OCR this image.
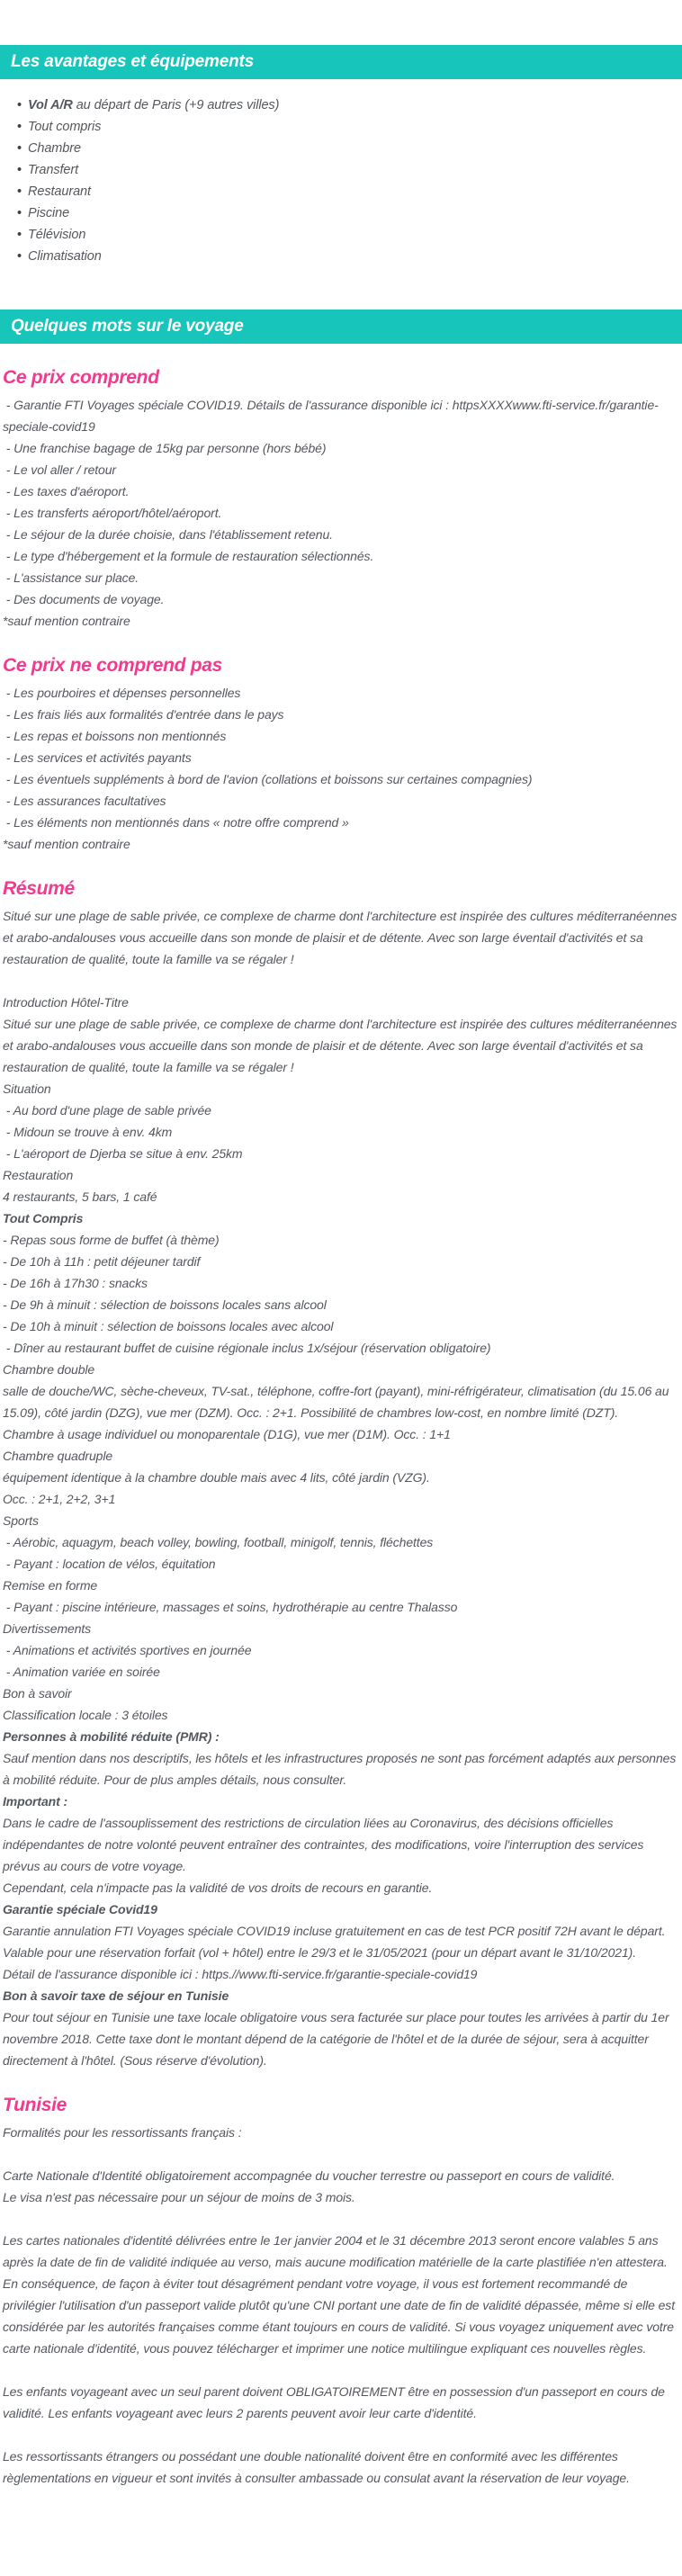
Les avantages et équipements
• Vol A/R au départ de Paris (+9 autres villes)
• Tout compris
• Chambre
• Transfert
• Restaurant
• Piscine
• Télévision
• Climatisation
Quelques mots sur le voyage
Ce prix comprend

- Garantie FTI Voyages spéciale COVID19. Détails de l'assurance disponible ici : httpsXXXXwww.fti-service.fr/garantie-speciale-covid19

- Une franchise bagage de 15kg par personne (hors bébé)

- Le vol aller / retour

- Les taxes d'aéroport.

- Les transferts aéroport/hôtel/aéroport.

- Le séjour de la durée choisie, dans l'établissement retenu.

- Le type d'hébergement et la formule de restauration sélectionnés.

- L'assistance sur place.

- Des documents de voyage.

*sauf mention contraire

Ce prix ne comprend pas

- Les pourboires et dépenses personnelles

- Les frais liés aux formalités d'entrée dans le pays

- Les repas et boissons non mentionnés

- Les services et activités payants

- Les éventuels suppléments à bord de l'avion (collations et boissons sur certaines compagnies)

- Les assurances facultatives

- Les éléments non mentionnés dans « notre offre comprend »

*sauf mention contraire

Résumé

Situé sur une plage de sable privée, ce complexe de charme dont l'architecture est inspirée des cultures méditerranéennes et arabo-andalouses vous accueille dans son monde de plaisir et de détente. Avec son large éventail d'activités et sa restauration de qualité, toute la famille va se régaler !

Introduction Hôtel-Titre

Situé sur une plage de sable privée, ce complexe de charme dont l'architecture est inspirée des cultures méditerranéennes et arabo-andalouses vous accueille dans son monde de plaisir et de détente. Avec son large éventail d'activités et sa restauration de qualité, toute la famille va se régaler !

Situation

- Au bord d'une plage de sable privée

- Midoun se trouve à env. 4km

- L'aéroport de Djerba se situe à env. 25km

Restauration

4 restaurants, 5 bars, 1 café

Tout Compris

- Repas sous forme de buffet (à thème)

- De 10h à 11h : petit déjeuner tardif

- De 16h à 17h30 : snacks

- De 9h à minuit : sélection de boissons locales sans alcool

- De 10h à minuit : sélection de boissons locales avec alcool

- Dîner au restaurant buffet de cuisine régionale inclus 1x/séjour (réservation obligatoire)

Chambre double

salle de douche/WC, sèche-cheveux, TV-sat., téléphone, coffre-fort (payant), mini-réfrigérateur, climatisation (du 15.06 au 15.09), côté jardin (DZG), vue mer (DZM). Occ. : 2+1. Possibilité de chambres low-cost, en nombre limité (DZT).

Chambre à usage individuel ou monoparentale (D1G), vue mer (D1M). Occ. : 1+1

Chambre quadruple

équipement identique à la chambre double mais avec 4 lits, côté jardin (VZG).

Occ. : 2+1, 2+2, 3+1

Sports

- Aérobic, aquagym, beach volley, bowling, football, minigolf, tennis, fléchettes

- Payant : location de vélos, équitation

Remise en forme

- Payant : piscine intérieure, massages et soins, hydrothérapie au centre Thalasso

Divertissements

- Animations et activités sportives en journée

- Animation variée en soirée

Bon à savoir

Classification locale : 3 étoiles

Personnes à mobilité réduite (PMR) :

Sauf mention dans nos descriptifs, les hôtels et les infrastructures proposés ne sont pas forcément adaptés aux personnes à mobilité réduite. Pour de plus amples détails, nous consulter.

Important :

Dans le cadre de l'assouplissement des restrictions de circulation liées au Coronavirus, des décisions officielles indépendantes de notre volonté peuvent entraîner des contraintes, des modifications, voire l'interruption des services prévus au cours de votre voyage.

Cependant, cela n'impacte pas la validité de vos droits de recours en garantie.

Garantie spéciale Covid19

Garantie annulation FTI Voyages spéciale COVID19 incluse gratuitement en cas de test PCR positif 72H avant le départ.

Valable pour une réservation forfait (vol + hôtel) entre le 29/3 et le 31/05/2021 (pour un départ avant le 31/10/2021).

Détail de l'assurance disponible ici : https.//www.fti-service.fr/garantie-speciale-covid19

Bon à savoir taxe de séjour en Tunisie

Pour tout séjour en Tunisie une taxe locale obligatoire vous sera facturée sur place pour toutes les arrivées à partir du 1er novembre 2018. Cette taxe dont le montant dépend de la catégorie de l'hôtel et de la durée de séjour, sera à acquitter directement à l'hôtel. (Sous réserve d'évolution).

Tunisie

Formalités pour les ressortissants français :

Carte Nationale d'Identité obligatoirement accompagnée du voucher terrestre ou passeport en cours de validité.

Le visa n'est pas nécessaire pour un séjour de moins de 3 mois.

Les cartes nationales d'identité délivrées entre le 1er janvier 2004 et le 31 décembre 2013 seront encore valables 5 ans après la date de fin de validité indiquée au verso, mais aucune modification matérielle de la carte plastifiée n'en attestera. En conséquence, de façon à éviter tout désagrément pendant votre voyage, il vous est fortement recommandé de privilégier l'utilisation d'un passeport valide plutôt qu'une CNI portant une date de fin de validité dépassée, même si elle est considérée par les autorités françaises comme étant toujours en cours de validité. Si vous voyagez uniquement avec votre carte nationale d'identité, vous pouvez télécharger et imprimer une notice multilingue expliquant ces nouvelles règles.

Les enfants voyageant avec un seul parent doivent OBLIGATOIREMENT être en possession d'un passeport en cours de validité. Les enfants voyageant avec leurs 2 parents peuvent avoir leur carte d'identité.

Les ressortissants étrangers ou possédant une double nationalité doivent être en conformité avec les différentes règlementations en vigueur et sont invités à consulter ambassade ou consulat avant la réservation de leur voyage.
